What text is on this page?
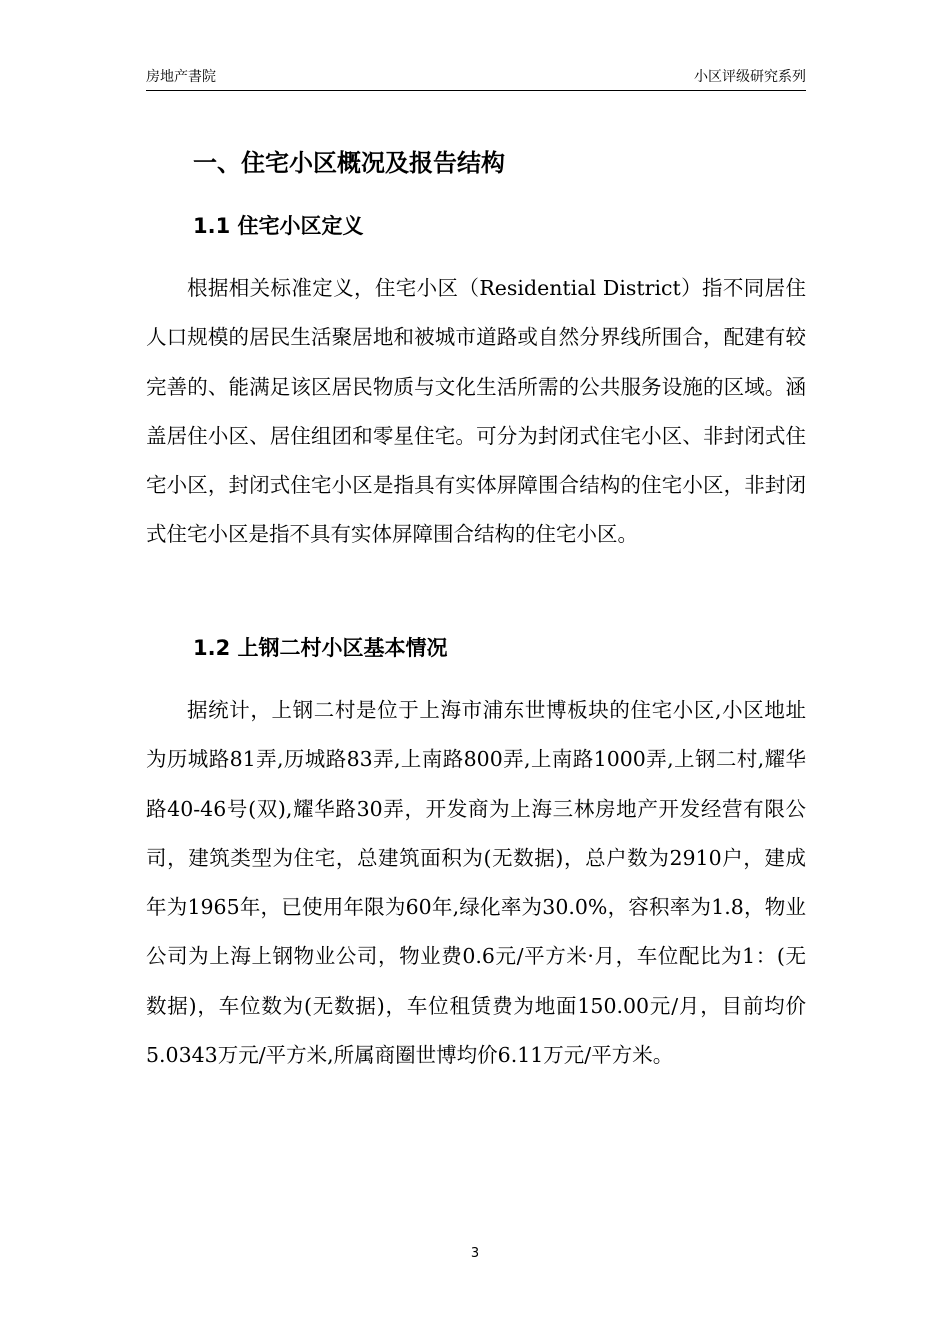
房地产書院	小区评级研究系列
一、住宅小区概况及报告结构
1.1 住宅小区定义

根据相关标准定义，住宅小区（Residential District）指不同居住人口规模的居民生活聚居地和被城市道路或自然分界线所围合，配建有较完善的、能满足该区居民物质与文化生活所需的公共服务设施的区域。涵盖居住小区、居住组团和零星住宅。可分为封闭式住宅小区、非封闭式住宅小区，封闭式住宅小区是指具有实体屏障围合结构的住宅小区，非封闭式住宅小区是指不具有实体屏障围合结构的住宅小区。

1.2 上钢二村小区基本情况

据统计，上钢二村是位于上海市浦东世博板块的住宅小区,小区地址为历城路81弄,历城路83弄,上南路800弄,上南路1000弄,上钢二村,耀华路40-46号(双),耀华路30弄，开发商为上海三林房地产开发经营有限公司，建筑类型为住宅，总建筑面积为(无数据)，总户数为2910户，建成年为1965年，已使用年限为60年,绿化率为30.0%，容积率为1.8，物业公司为上海上钢物业公司，物业费0.6元/平方米·月，车位配比为1：(无数据)，车位数为(无数据)，车位租赁费为地面150.00元/月，目前均价5.0343万元/平方米,所属商圈世博均价6.11万元/平方米。

3
